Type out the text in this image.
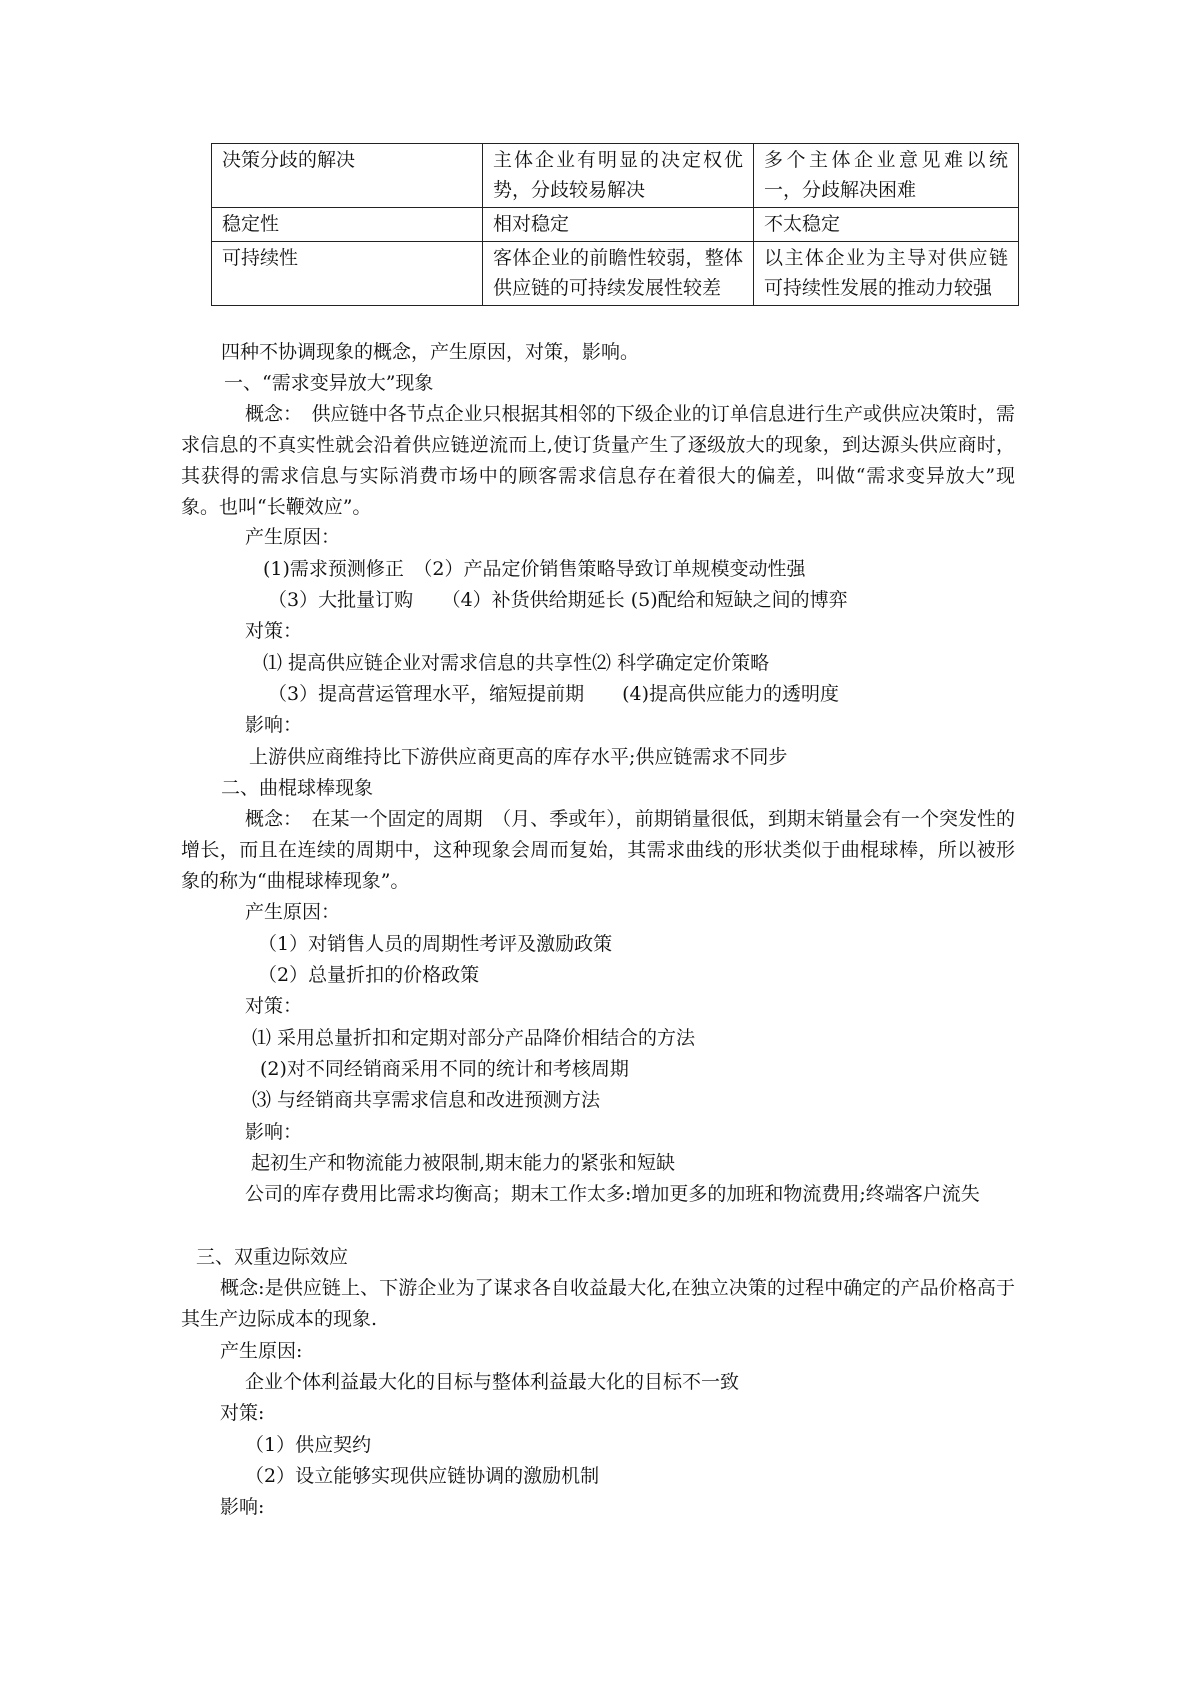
决策分歧的解决	主体企业有明显的决定权优势，分歧较易解决	多个主体企业意见难以统一，分歧解决困难
稳定性	相对稳定	不太稳定
可持续性	客体企业的前瞻性较弱，整体供应链的可持续发展性较差	以主体企业为主导对供应链可持续性发展的推动力较强
四种不协调现象的概念，产生原因，对策，影响。
一、“需求变异放大”现象
概念：　供应链中各节点企业只根据其相邻的下级企业的订单信息进行生产或供应决策时，需求信息的不真实性就会沿着供应链逆流而上,使订货量产生了逐级放大的现象，到达源头供应商时，其获得的需求信息与实际消费市场中的顾客需求信息存在着很大的偏差，叫做“需求变异放大”现象。也叫“长鞭效应”。
产生原因：
(1)需求预测修正　（2）产品定价销售策略导致订单规模变动性强
（3）大批量订购　　（4）补货供给期延长 (5)配给和短缺之间的博弈
对策：
⑴ 提高供应链企业对需求信息的共享性⑵ 科学确定定价策略
（3）提高营运管理水平，缩短提前期　　(4)提高供应能力的透明度
影响：
上游供应商维持比下游供应商更高的库存水平;供应链需求不同步
二、曲棍球棒现象
概念：　在某一个固定的周期　（月、季或年），前期销量很低，到期末销量会有一个突发性的增长，而且在连续的周期中，这种现象会周而复始，其需求曲线的形状类似于曲棍球棒，所以被形象的称为“曲棍球棒现象”。
产生原因：
（1）对销售人员的周期性考评及激励政策
（2）总量折扣的价格政策
对策：
⑴ 采用总量折扣和定期对部分产品降价相结合的方法
(2)对不同经销商采用不同的统计和考核周期
⑶ 与经销商共享需求信息和改进预测方法
影响：
起初生产和物流能力被限制,期末能力的紧张和短缺
公司的库存费用比需求均衡高；期末工作太多:增加更多的加班和物流费用;终端客户流失
三、双重边际效应
概念:是供应链上、下游企业为了谋求各自收益最大化,在独立决策的过程中确定的产品价格高于其生产边际成本的现象.
产生原因:
企业个体利益最大化的目标与整体利益最大化的目标不一致
对策:
（1）供应契约
（2）设立能够实现供应链协调的激励机制
影响:
